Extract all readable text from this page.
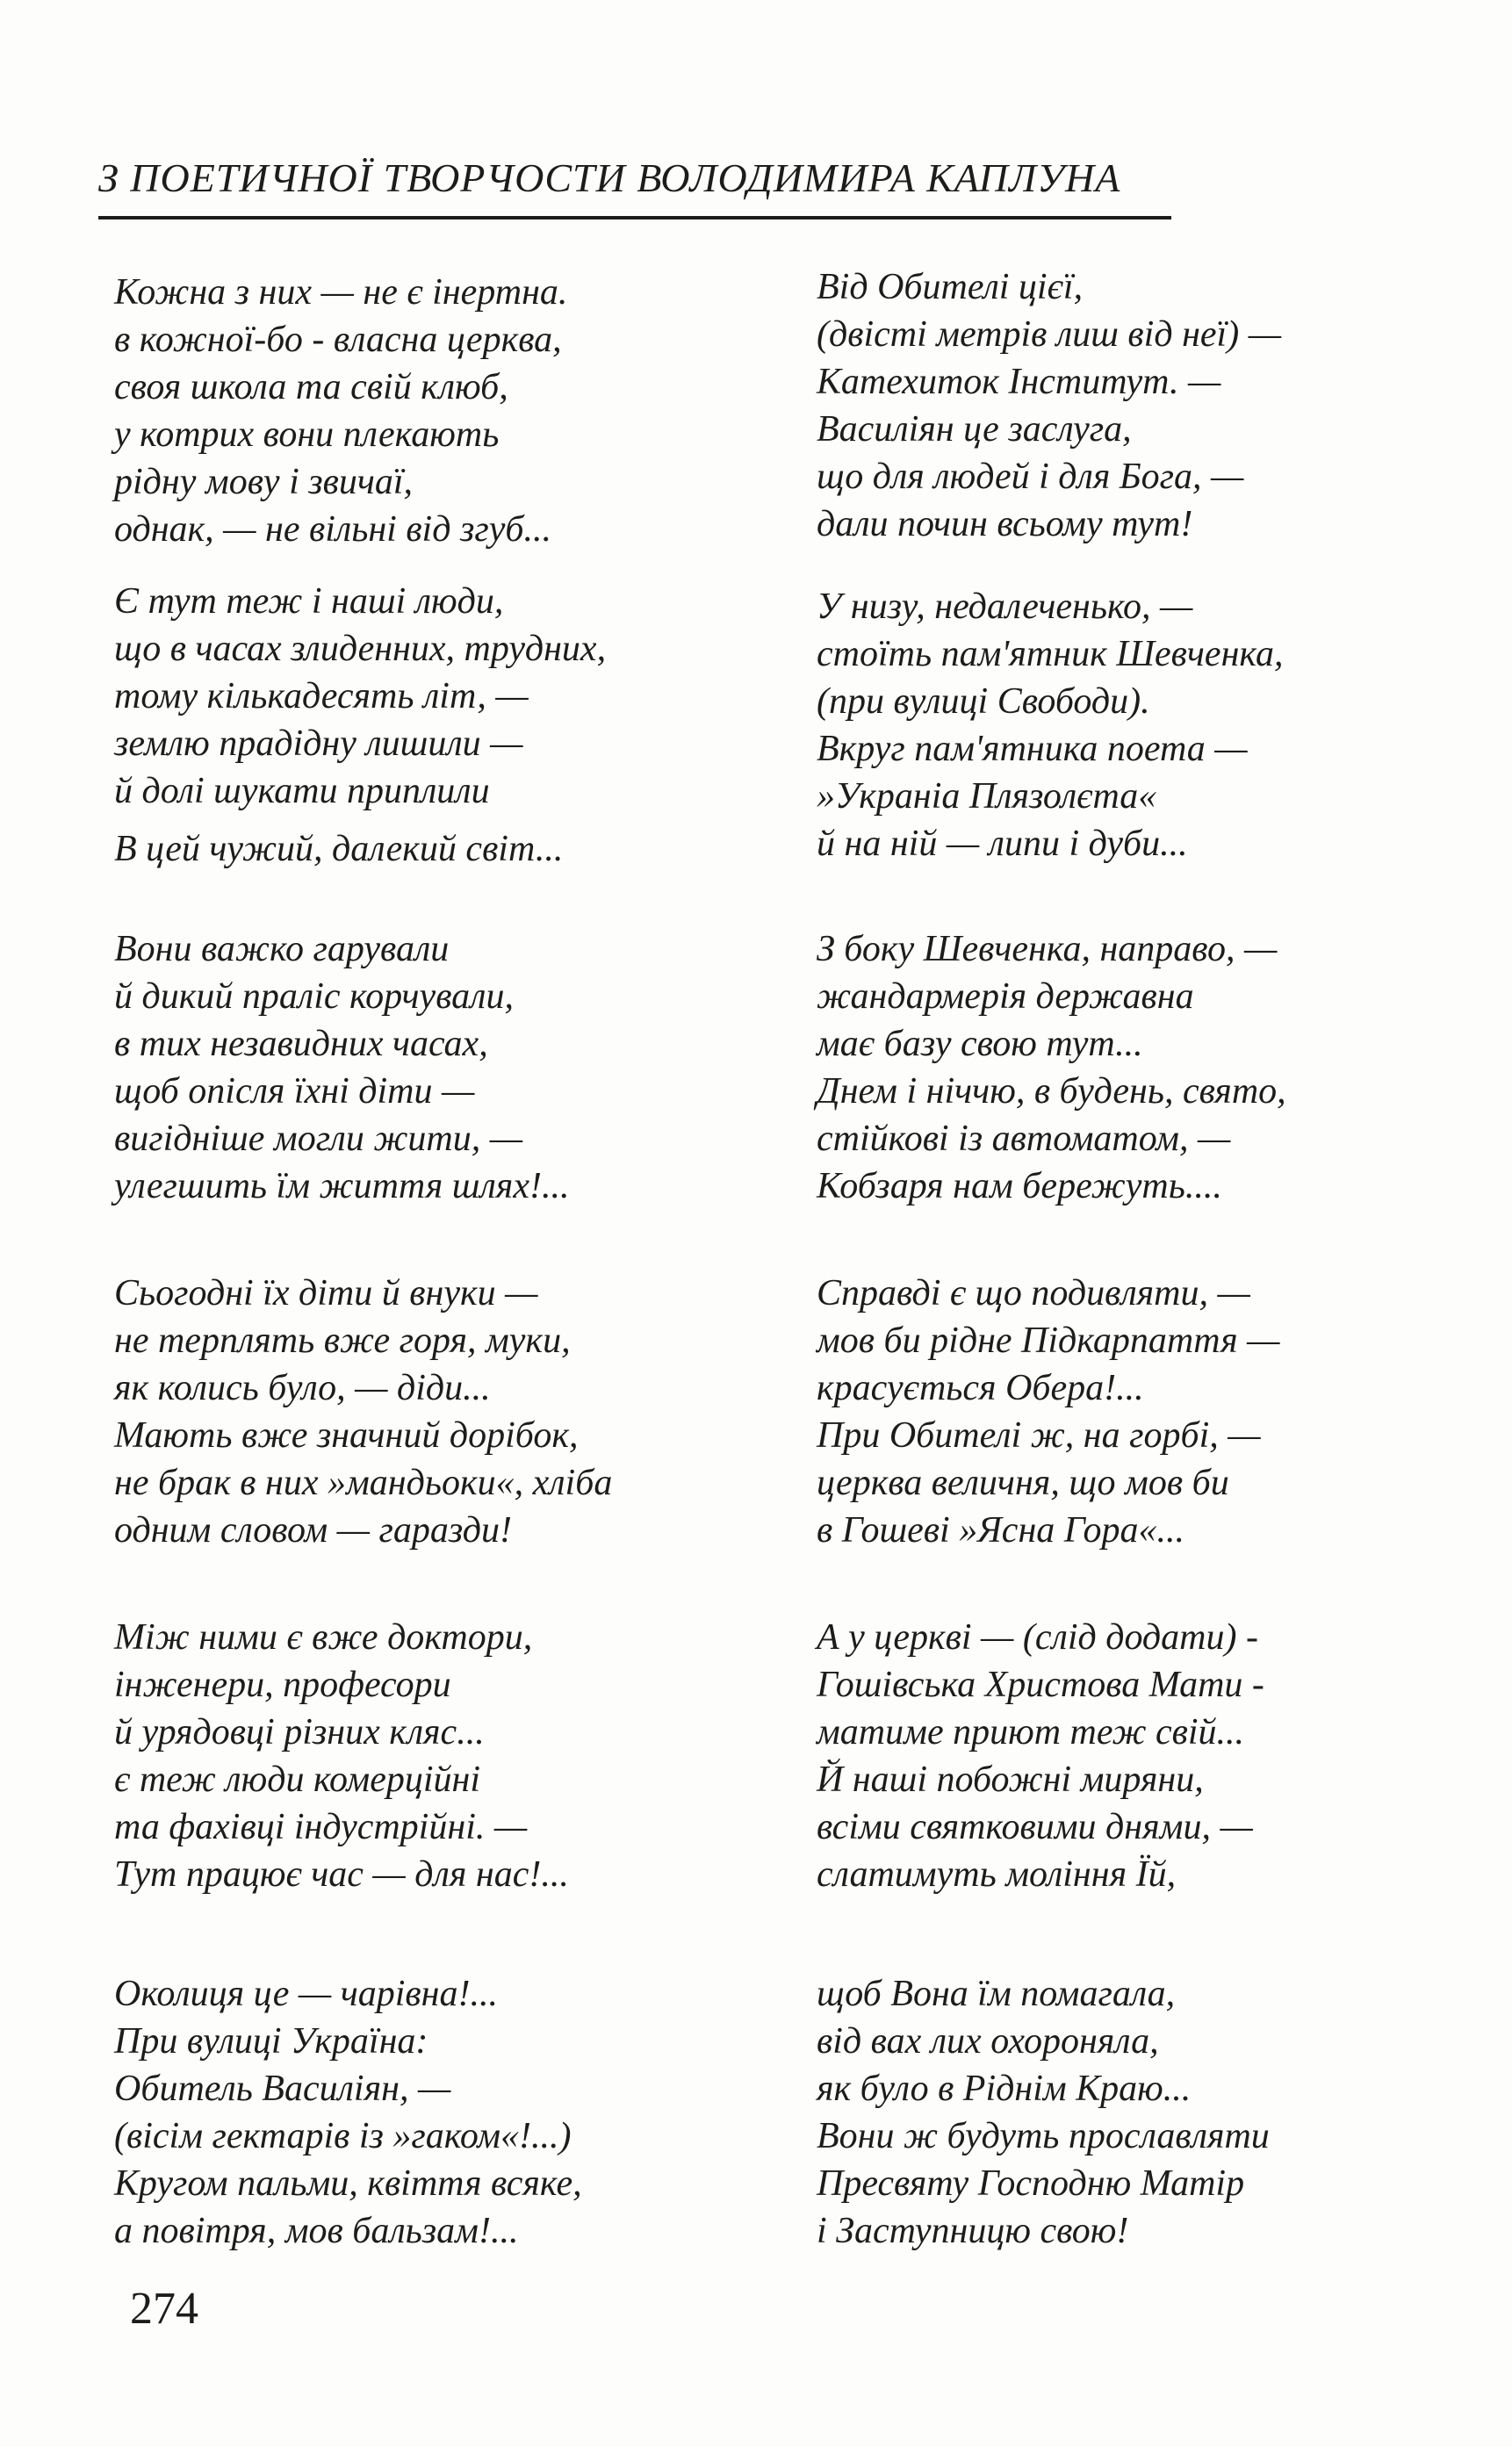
З ПОЕТИЧНОЇ ТВОРЧОСТИ ВОЛОДИМИРА КАПЛУНА
Кожна з них — не є інертна.
в кожної-бо - власна церква,
своя школа та свій клюб,
у котрих вони плекають
рідну мову і звичаї,
однак, — не вільні від згуб...
Є тут теж і наші люди,
що в часах злиденних, трудних,
тому кількадесять літ, —
землю прадідну лишили —
й долі шукати приплили
В цей чужий, далекий світ...
Вони важко гарували
й дикий праліс корчували,
в тих незавидних часах,
щоб опісля їхні діти —
вигідніше могли жити, —
улегшить їм життя шлях!...
Сьогодні їх діти й внуки —
не терплять вже горя, муки,
як колись було, — діди...
Мають вже значний дорібок,
не брак в них »мандьоки«, хліба
одним словом — гаразди!
Між ними є вже доктори,
інженери, професори
й урядовці різних кляс...
є теж люди комерційні
та фахівці індустрійні. —
Тут працює час — для нас!...
Околиця це — чарівна!...
При вулиці Україна:
Обитель Василіян, —
(вісім гектарів із »гаком«!...)
Кругом пальми, квіття всяке,
а повітря, мов бальзам!...
Від Обителі цієї,
(двісті метрів лиш від неї) —
Катехиток Інститут. —
Василіян це заслуга,
що для людей і для Бога, —
дали почин всьому тут!
У низу, недалеченько, —
стоїть пам'ятник Шевченка,
(при вулиці Свободи).
Вкруг пам'ятника поета —
»Украніа Плязолєта«
й на ній — липи і дуби...
З боку Шевченка, направо, —
жандармерія державна
має базу свою тут...
Днем і ніччю, в будень, свято,
стійкові із автоматом, —
Кобзаря нам бережуть....
Справді є що подивляти, —
мов би рідне Підкарпаття —
красується Обера!...
При Обителі ж, на горбі, —
церква величня, що мов би
в Гошеві »Ясна Гора«...
А у церкві — (слід додати) -
Гошівська Христова Мати -
матиме приют теж свій...
Й наші побожні миряни,
всіми святковими днями, —
слатимуть моління Їй,
щоб Вона їм помагала,
від вах лих охороняла,
як було в Ріднім Краю...
Вони ж будуть прославляти
Пресвяту Господню Матір
і Заступницю свою!
274
